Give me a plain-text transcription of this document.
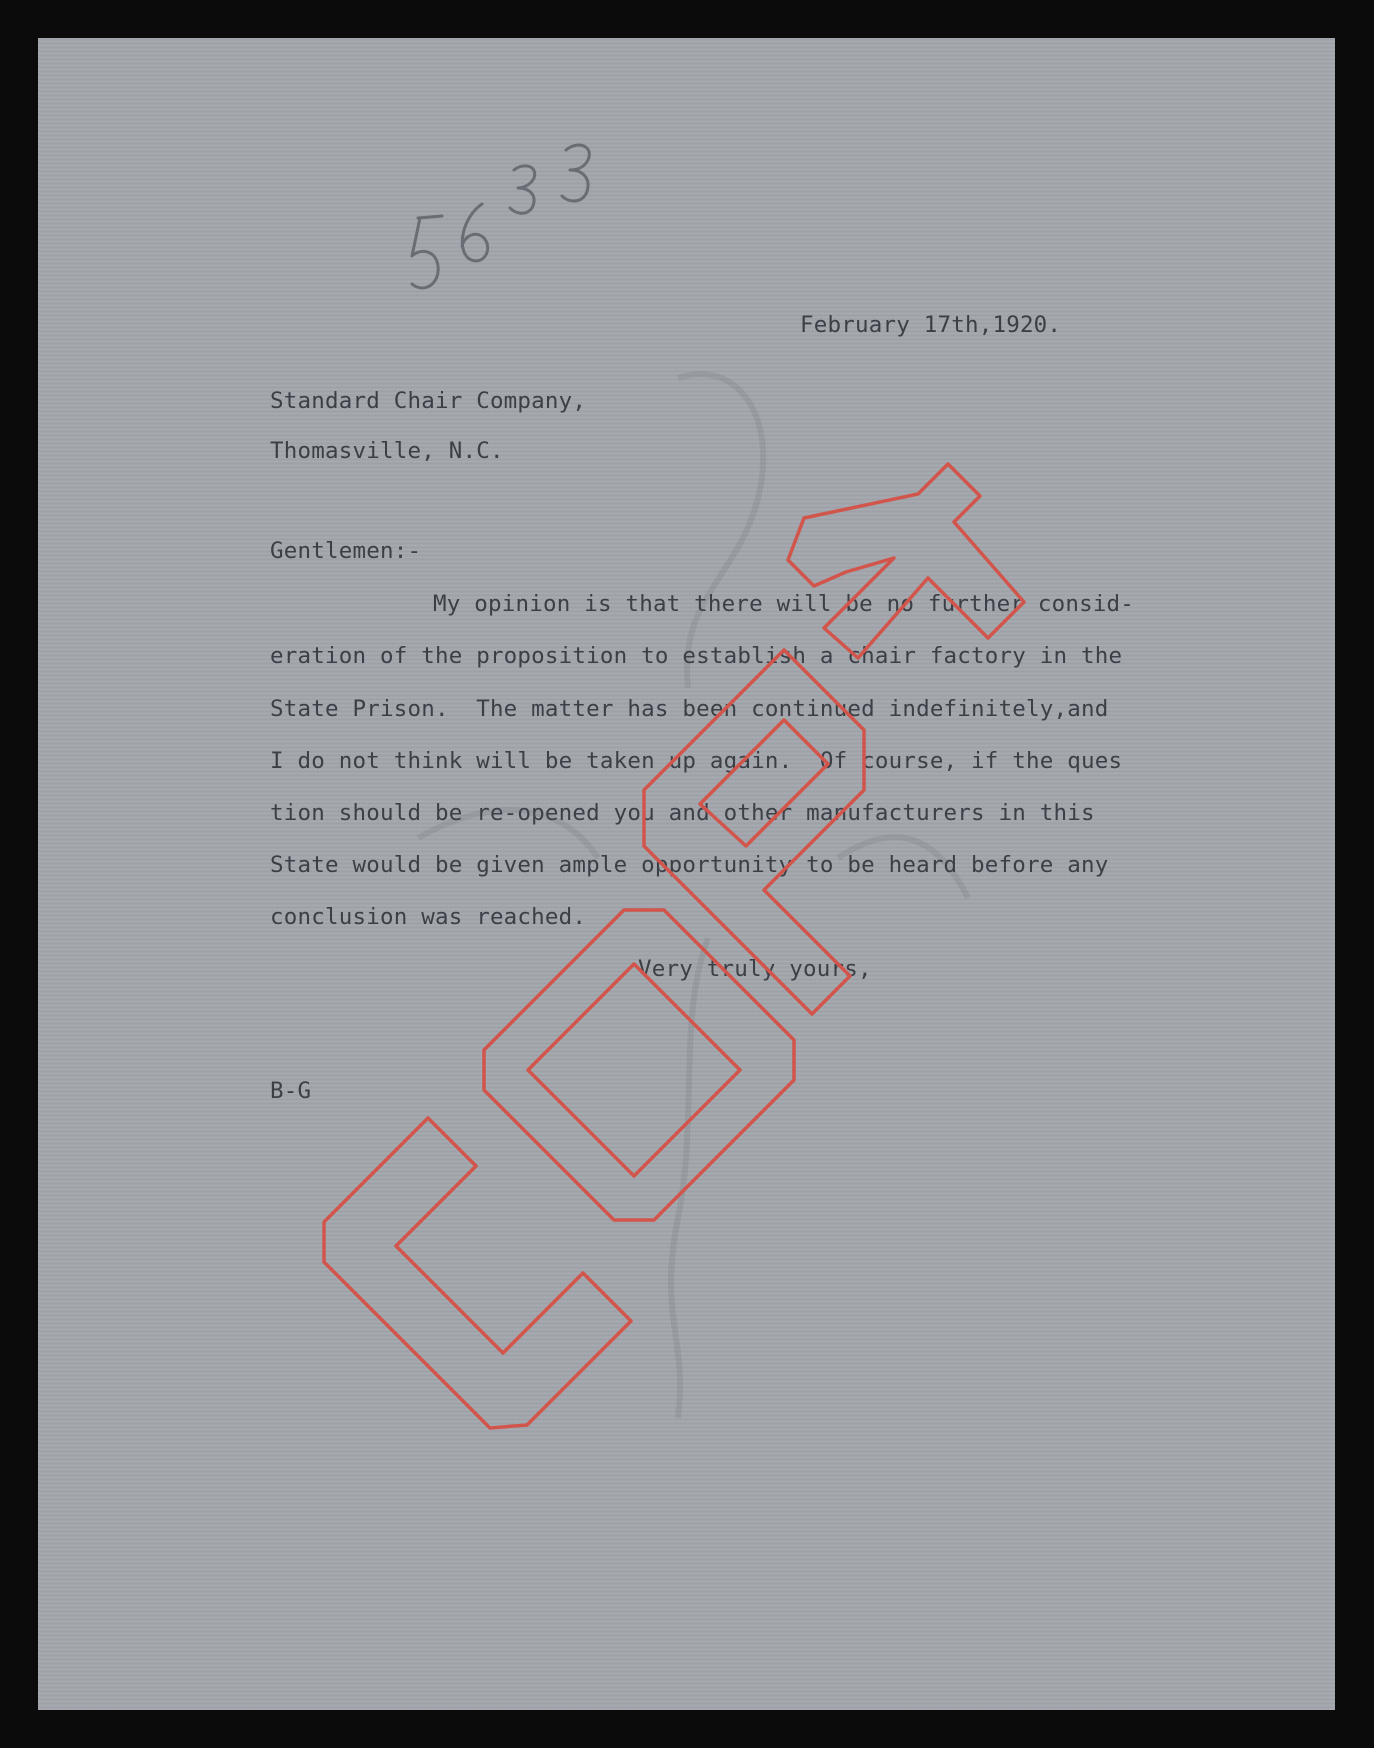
February 17th,1920.
Standard Chair Company,
Thomasville, N.C.
Gentlemen:-
My opinion is that there will be no further consid-
eration of the proposition to establish a chair factory in the
State Prison.  The matter has been continued indefinitely,and
I do not think will be taken up again.  Of course, if the ques
tion should be re-opened you and other manufacturers in this
State would be given ample opportunity to be heard before any
conclusion was reached.
Very truly yours,
B-G
